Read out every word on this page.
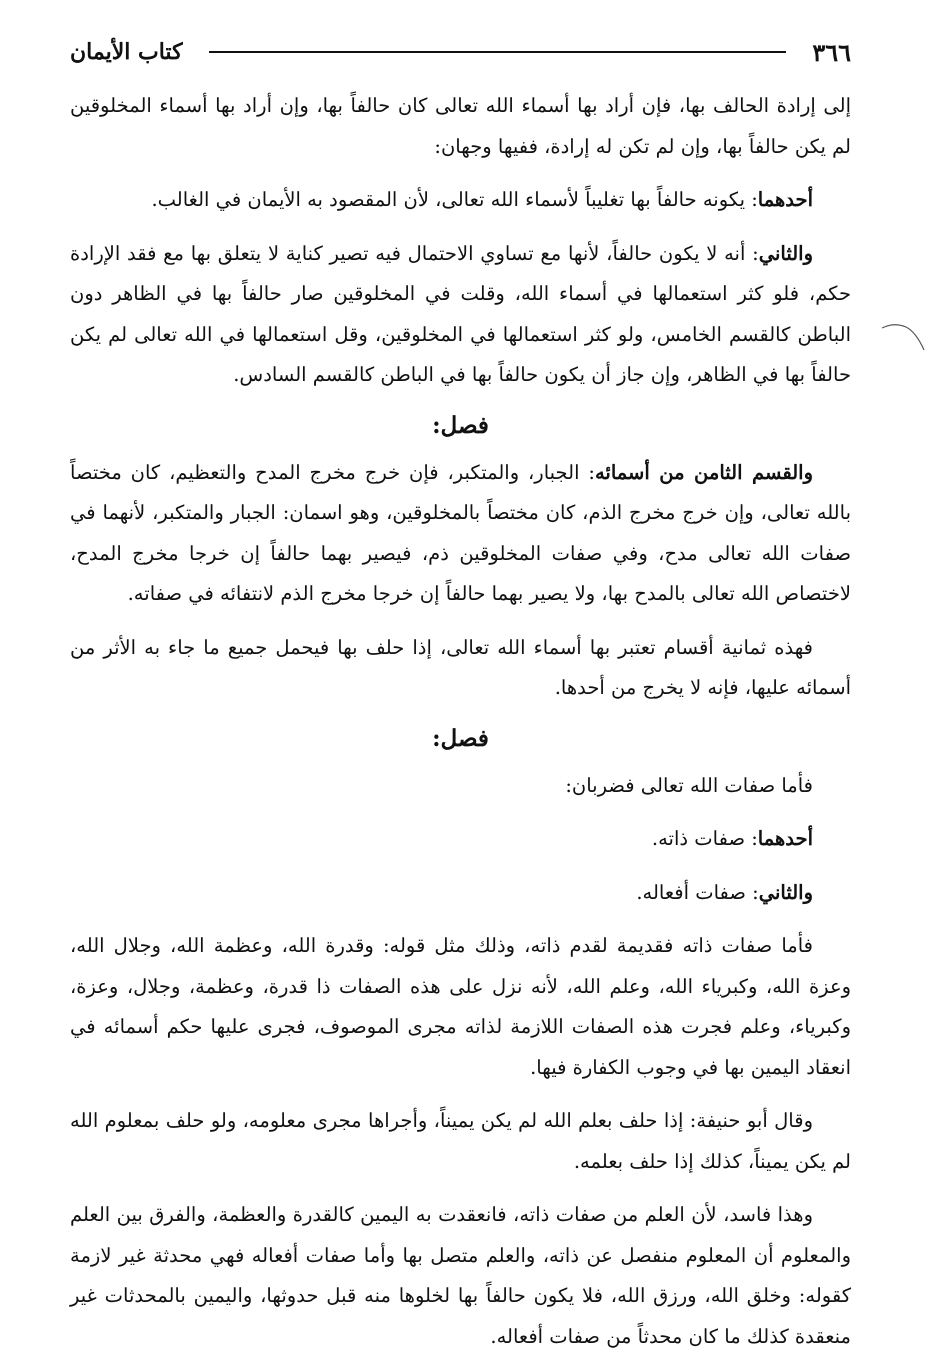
٣٦٦
كتاب الأيمان

إلى إرادة الحالف بها، فإن أراد بها أسماء الله تعالى كان حالفاً بها، وإن أراد بها أسماء المخلوقين لم يكن حالفاً بها، وإن لم تكن له إرادة، ففيها وجهان:

أحدهما: يكونه حالفاً بها تغليباً لأسماء الله تعالى، لأن المقصود به الأيمان في الغالب.

والثاني: أنه لا يكون حالفاً، لأنها مع تساوي الاحتمال فيه تصير كناية لا يتعلق بها مع فقد الإرادة حكم، فلو كثر استعمالها في أسماء الله، وقلت في المخلوقين صار حالفاً بها في الظاهر دون الباطن كالقسم الخامس، ولو كثر استعمالها في المخلوقين، وقل استعمالها في الله تعالى لم يكن حالفاً بها في الظاهر، وإن جاز أن يكون حالفاً بها في الباطن كالقسم السادس.

فصل:

والقسم الثامن من أسمائه: الجبار، والمتكبر، فإن خرج مخرج المدح والتعظيم، كان مختصاً بالله تعالى، وإن خرج مخرج الذم، كان مختصاً بالمخلوقين، وهو اسمان: الجبار والمتكبر، لأنهما في صفات الله تعالى مدح، وفي صفات المخلوقين ذم، فيصير بهما حالفاً إن خرجا مخرج المدح، لاختصاص الله تعالى بالمدح بها، ولا يصير بهما حالفاً إن خرجا مخرج الذم لانتفائه في صفاته.

فهذه ثمانية أقسام تعتبر بها أسماء الله تعالى، إذا حلف بها فيحمل جميع ما جاء به الأثر من أسمائه عليها، فإنه لا يخرج من أحدها.

فصل:

فأما صفات الله تعالى فضربان:

أحدهما: صفات ذاته.

والثاني: صفات أفعاله.

فأما صفات ذاته فقديمة لقدم ذاته، وذلك مثل قوله: وقدرة الله، وعظمة الله، وجلال الله، وعزة الله، وكبرياء الله، وعلم الله، لأنه نزل على هذه الصفات ذا قدرة، وعظمة، وجلال، وعزة، وكبرياء، وعلم فجرت هذه الصفات اللازمة لذاته مجرى الموصوف، فجرى عليها حكم أسمائه في انعقاد اليمين بها في وجوب الكفارة فيها.

وقال أبو حنيفة: إذا حلف بعلم الله لم يكن يميناً، وأجراها مجرى معلومه، ولو حلف بمعلوم الله لم يكن يميناً، كذلك إذا حلف بعلمه.

وهذا فاسد، لأن العلم من صفات ذاته، فانعقدت به اليمين كالقدرة والعظمة، والفرق بين العلم والمعلوم أن المعلوم منفصل عن ذاته، والعلم متصل بها وأما صفات أفعاله فهي محدثة غير لازمة كقوله: وخلق الله، ورزق الله، فلا يكون حالفاً بها لخلوها منه قبل حدوثها، واليمين بالمحدثات غير منعقدة كذلك ما كان محدثاً من صفات أفعاله.
